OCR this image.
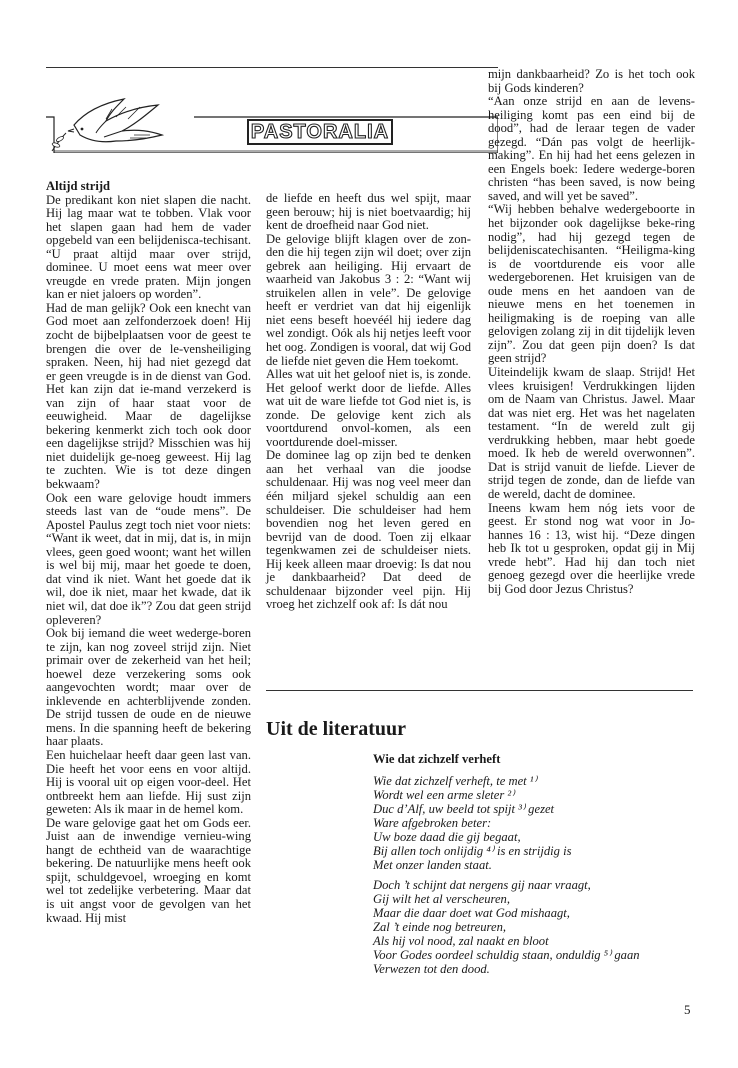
PASTORALIA

Altijd strijd

De predikant kon niet slapen die nacht. Hij lag maar wat te tobben. Vlak voor het slapen gaan had hem de vader opgebeld van een belijdenisca-techisant. “U praat altijd maar over strijd, dominee. U moet eens wat meer over vreugde en vrede praten. Mijn jongen kan er niet jaloers op worden”.

Had de man gelijk? Ook een knecht van God moet aan zelfonderzoek doen! Hij zocht de bijbelplaatsen voor de geest te brengen die over de le-vensheiliging spraken. Neen, hij had niet gezegd dat er geen vreugde is in de dienst van God. Het kan zijn dat ie-mand verzekerd is van zijn of haar staat voor de eeuwigheid. Maar de dagelijkse bekering kenmerkt zich toch ook door een dagelijkse strijd? Misschien was hij niet duidelijk ge-noeg geweest. Hij lag te zuchten. Wie is tot deze dingen bekwaam?

Ook een ware gelovige houdt immers steeds last van de “oude mens”. De Apostel Paulus zegt toch niet voor niets: “Want ik weet, dat in mij, dat is, in mijn vlees, geen goed woont; want het willen is wel bij mij, maar het goede te doen, dat vind ik niet. Want het goede dat ik wil, doe ik niet, maar het kwade, dat ik niet wil, dat doe ik”? Zou dat geen strijd opleveren?

Ook bij iemand die weet wederge-boren te zijn, kan nog zoveel strijd zijn. Niet primair over de zekerheid van het heil; hoewel deze verzekering soms ook aangevochten wordt; maar over de inklevende en achterblijvende zonden. De strijd tussen de oude en de nieuwe mens. In die spanning heeft de bekering haar plaats.

Een huichelaar heeft daar geen last van. Die heeft het voor eens en voor altijd. Hij is vooral uit op eigen voor-deel. Het ontbreekt hem aan liefde. Hij sust zijn geweten: Als ik maar in de hemel kom.

De ware gelovige gaat het om Gods eer. Juist aan de inwendige vernieu-wing hangt de echtheid van de waarachtige bekering. De natuurlijke mens heeft ook spijt, schuldgevoel, wroeging en komt wel tot zedelijke verbetering. Maar dat is uit angst voor de gevolgen van het kwaad. Hij mist

de liefde en heeft dus wel spijt, maar geen berouw; hij is niet boetvaardig; hij kent de droefheid naar God niet.

De gelovige blijft klagen over de zon-den die hij tegen zijn wil doet; over zijn gebrek aan heiliging. Hij ervaart de waarheid van Jakobus 3 : 2: “Want wij struikelen allen in vele”. De gelovige heeft er verdriet van dat hij eigenlijk niet eens beseft hoevéél hij iedere dag wel zondigt. Oók als hij netjes leeft voor het oog. Zondigen is vooral, dat wij God de liefde niet geven die Hem toekomt.

Alles wat uit het geloof niet is, is zonde. Het geloof werkt door de liefde. Alles wat uit de ware liefde tot God niet is, is zonde. De gelovige kent zich als voortdurend onvol-komen, als een voortdurende doel-misser.

De dominee lag op zijn bed te denken aan het verhaal van die joodse schuldenaar. Hij was nog veel meer dan één miljard sjekel schuldig aan een schuldeiser. Die schuldeiser had hem bovendien nog het leven gered en bevrijd van de dood. Toen zij elkaar tegenkwamen zei de schuldeiser niets. Hij keek alleen maar droevig: Is dat nou je dankbaarheid? Dat deed de schuldenaar bijzonder veel pijn. Hij vroeg het zichzelf ook af: Is dát nou

mijn dankbaarheid? Zo is het toch ook bij Gods kinderen?

“Aan onze strijd en aan de levens-heiliging komt pas een eind bij de dood”, had de leraar tegen de vader gezegd. “Dán pas volgt de heerlijk-making”. En hij had het eens gelezen in een Engels boek: Iedere wederge-boren christen “has been saved, is now being saved, and will yet be saved”.

“Wij hebben behalve wedergeboorte in het bijzonder ook dagelijkse beke-ring nodig”, had hij gezegd tegen de belijdeniscatechisanten. “Heiligma-king is de voortdurende eis voor alle wedergeborenen. Het kruisigen van de oude mens en het aandoen van de nieuwe mens en het toenemen in heiligmaking is de roeping van alle gelovigen zolang zij in dit tijdelijk leven zijn”. Zou dat geen pijn doen? Is dat geen strijd?

Uiteindelijk kwam de slaap. Strijd! Het vlees kruisigen! Verdrukkingen lijden om de Naam van Christus. Jawel. Maar dat was niet erg. Het was het nagelaten testament. “In de wereld zult gij verdrukking hebben, maar hebt goede moed. Ik heb de wereld overwonnen”. Dat is strijd vanuit de liefde. Liever de strijd tegen de zonde, dan de liefde van de wereld, dacht de dominee.

Ineens kwam hem nóg iets voor de geest. Er stond nog wat voor in Jo-hannes 16 : 13, wist hij. “Deze dingen heb Ik tot u gesproken, opdat gij in Mij vrede hebt”. Had hij dan toch niet genoeg gezegd over die heerlijke vrede bij God door Jezus Christus?

Uit de literatuur
Wie dat zichzelf verheft
Wie dat zichzelf verheft, te met ¹⁾
Wordt wel een arme sleter ²⁾
Duc d’Alf, uw beeld tot spijt ³⁾ gezet
Ware afgebroken beter:
Uw boze daad die gij begaat,
Bij allen toch onlijdig ⁴⁾ is en strijdig is
Met onzer landen staat.
Doch ’t schijnt dat nergens gij naar vraagt,
Gij wilt het al verscheuren,
Maar die daar doet wat God mishaagt,
Zal ’t einde nog betreuren,
Als hij vol nood, zal naakt en bloot
Voor Godes oordeel schuldig staan, onduldig ⁵⁾ gaan
Verwezen tot den dood.
5
